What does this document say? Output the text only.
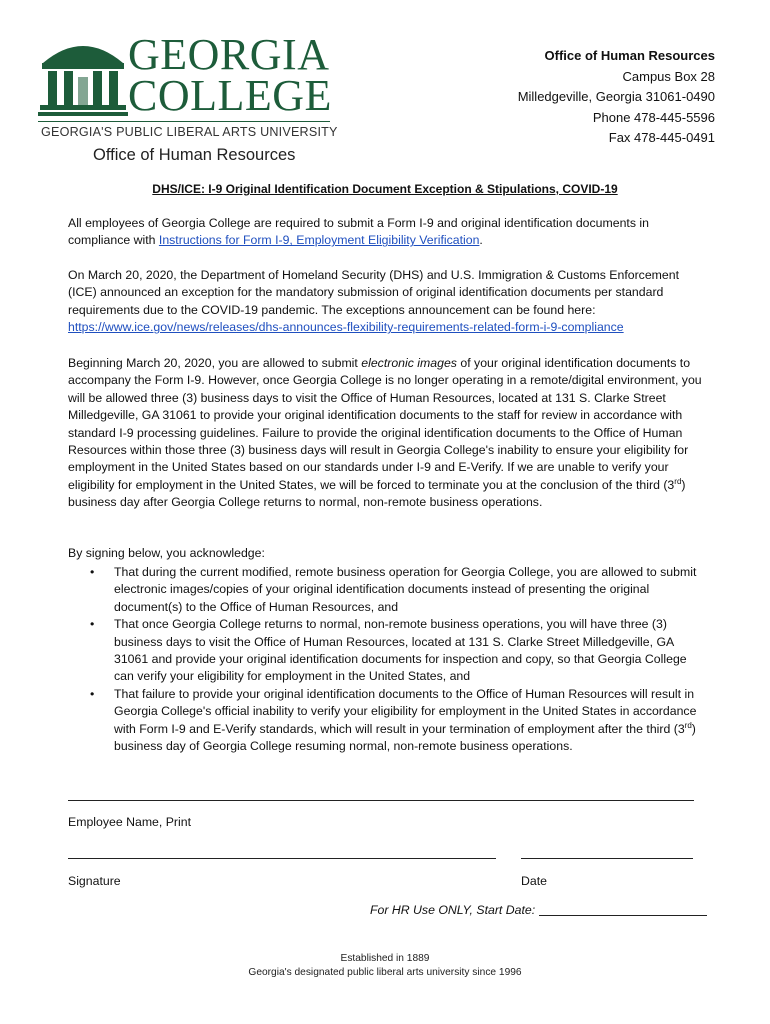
GEORGIA
COLLEGE
GEORGIA'S PUBLIC LIBERAL ARTS UNIVERSITY
Office of Human Resources
Office of Human Resources
Campus Box 28
Milledgeville, Georgia 31061-0490
Phone 478-445-5596
Fax 478-445-0491
DHS/ICE: I-9 Original Identification Document Exception & Stipulations, COVID-19

All employees of Georgia College are required to submit a Form I-9 and original identification documents in compliance with Instructions for Form I-9, Employment Eligibility Verification.

On March 20, 2020, the Department of Homeland Security (DHS) and U.S. Immigration & Customs Enforcement (ICE) announced an exception for the mandatory submission of original identification documents per standard requirements due to the COVID-19 pandemic. The exceptions announcement can be found here:
https://www.ice.gov/news/releases/dhs-announces-flexibility-requirements-related-form-i-9-compliance

Beginning March 20, 2020, you are allowed to submit electronic images of your original identification documents to accompany the Form I-9. However, once Georgia College is no longer operating in a remote/digital environment, you will be allowed three (3) business days to visit the Office of Human Resources, located at 131 S. Clarke Street Milledgeville, GA 31061 to provide your original identification documents to the staff for review in accordance with standard I-9 processing guidelines. Failure to provide the original identification documents to the Office of Human Resources within those three (3) business days will result in Georgia College's inability to ensure your eligibility for employment in the United States based on our standards under I-9 and E-Verify. If we are unable to verify your eligibility for employment in the United States, we will be forced to terminate you at the conclusion of the third (3rd) business day after Georgia College returns to normal, non-remote business operations.

By signing below, you acknowledge:

• That during the current modified, remote business operation for Georgia College, you are allowed to submit electronic images/copies of your original identification documents instead of presenting the original document(s) to the Office of Human Resources, and
• That once Georgia College returns to normal, non-remote business operations, you will have three (3) business days to visit the Office of Human Resources, located at 131 S. Clarke Street Milledgeville, GA 31061 and provide your original identification documents for inspection and copy, so that Georgia College can verify your eligibility for employment in the United States, and
• That failure to provide your original identification documents to the Office of Human Resources will result in Georgia College's official inability to verify your eligibility for employment in the United States in accordance with Form I-9 and E-Verify standards, which will result in your termination of employment after the third (3rd) business day of Georgia College resuming normal, non-remote business operations.
Employee Name, Print
Signature	Date
For HR Use ONLY, Start Date:
Established in 1889
Georgia's designated public liberal arts university since 1996
